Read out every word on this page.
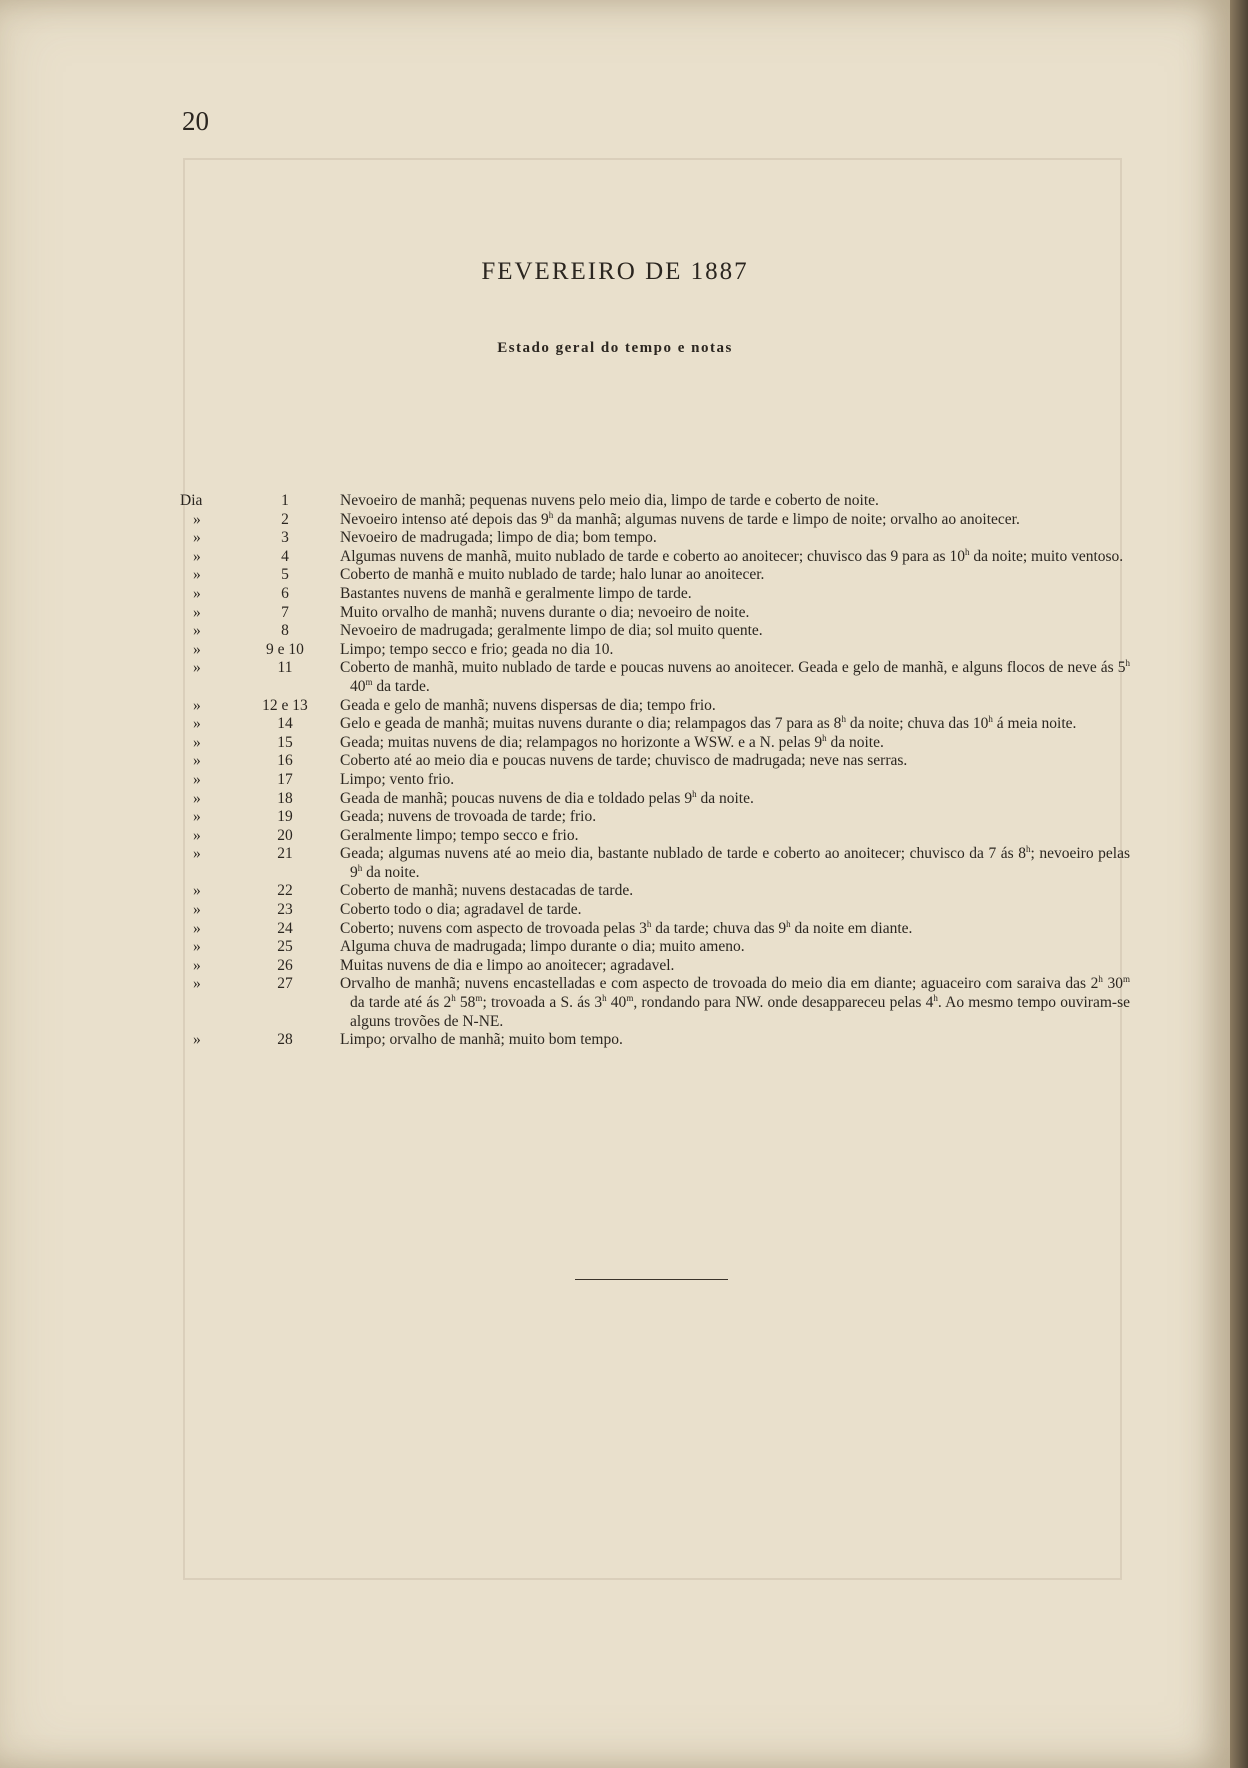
20
FEVEREIRO DE 1887
Estado geral do tempo e notas
Dia	1	Nevoeiro de manhã; pequenas nuvens pelo meio dia, limpo de tarde e coberto de noite.
»	2	Nevoeiro intenso até depois das 9$^h$ da manhã; algumas nuvens de tarde e limpo de noite; orvalho ao anoitecer.
»	3	Nevoeiro de madrugada; limpo de dia; bom tempo.
»	4	Algumas nuvens de manhã, muito nublado de tarde e coberto ao anoitecer; chuvisco das 9 para as 10$^h$ da noite; muito ventoso.
»	5	Coberto de manhã e muito nublado de tarde; halo lunar ao anoitecer.
»	6	Bastantes nuvens de manhã e geralmente limpo de tarde.
»	7	Muito orvalho de manhã; nuvens durante o dia; nevoeiro de noite.
»	8	Nevoeiro de madrugada; geralmente limpo de dia; sol muito quente.
»	9 e 10	Limpo; tempo secco e frio; geada no dia 10.
»	11	Coberto de manhã, muito nublado de tarde e poucas nuvens ao anoitecer. Geada e gelo de manhã, e alguns flocos de neve ás 5$^h$ 40$^m$ da tarde.
»	12 e 13	Geada e gelo de manhã; nuvens dispersas de dia; tempo frio.
»	14	Gelo e geada de manhã; muitas nuvens durante o dia; relampagos das 7 para as 8$^h$ da noite; chuva das 10$^h$ á meia noite.
»	15	Geada; muitas nuvens de dia; relampagos no horizonte a WSW. e a N. pelas 9$^h$ da noite.
»	16	Coberto até ao meio dia e poucas nuvens de tarde; chuvisco de madrugada; neve nas serras.
»	17	Limpo; vento frio.
»	18	Geada de manhã; poucas nuvens de dia e toldado pelas 9$^h$ da noite.
»	19	Geada; nuvens de trovoada de tarde; frio.
»	20	Geralmente limpo; tempo secco e frio.
»	21	Geada; algumas nuvens até ao meio dia, bastante nublado de tarde e coberto ao anoitecer; chuvisco da 7 ás 8$^h$; nevoeiro pelas 9$^h$ da noite.
»	22	Coberto de manhã; nuvens destacadas de tarde.
»	23	Coberto todo o dia; agradavel de tarde.
»	24	Coberto; nuvens com aspecto de trovoada pelas 3$^h$ da tarde; chuva das 9$^h$ da noite em diante.
»	25	Alguma chuva de madrugada; limpo durante o dia; muito ameno.
»	26	Muitas nuvens de dia e limpo ao anoitecer; agradavel.
»	27	Orvalho de manhã; nuvens encastelladas e com aspecto de trovoada do meio dia em diante; aguaceiro com saraiva das 2$^h$ 30$^m$ da tarde até ás 2$^h$ 58$^m$; trovoada a S. ás 3$^h$ 40$^m$, rondando para NW. onde desappareceu pelas 4$^h$. Ao mesmo tempo ouviram-se alguns trovões de N-NE.
»	28	Limpo; orvalho de manhã; muito bom tempo.
